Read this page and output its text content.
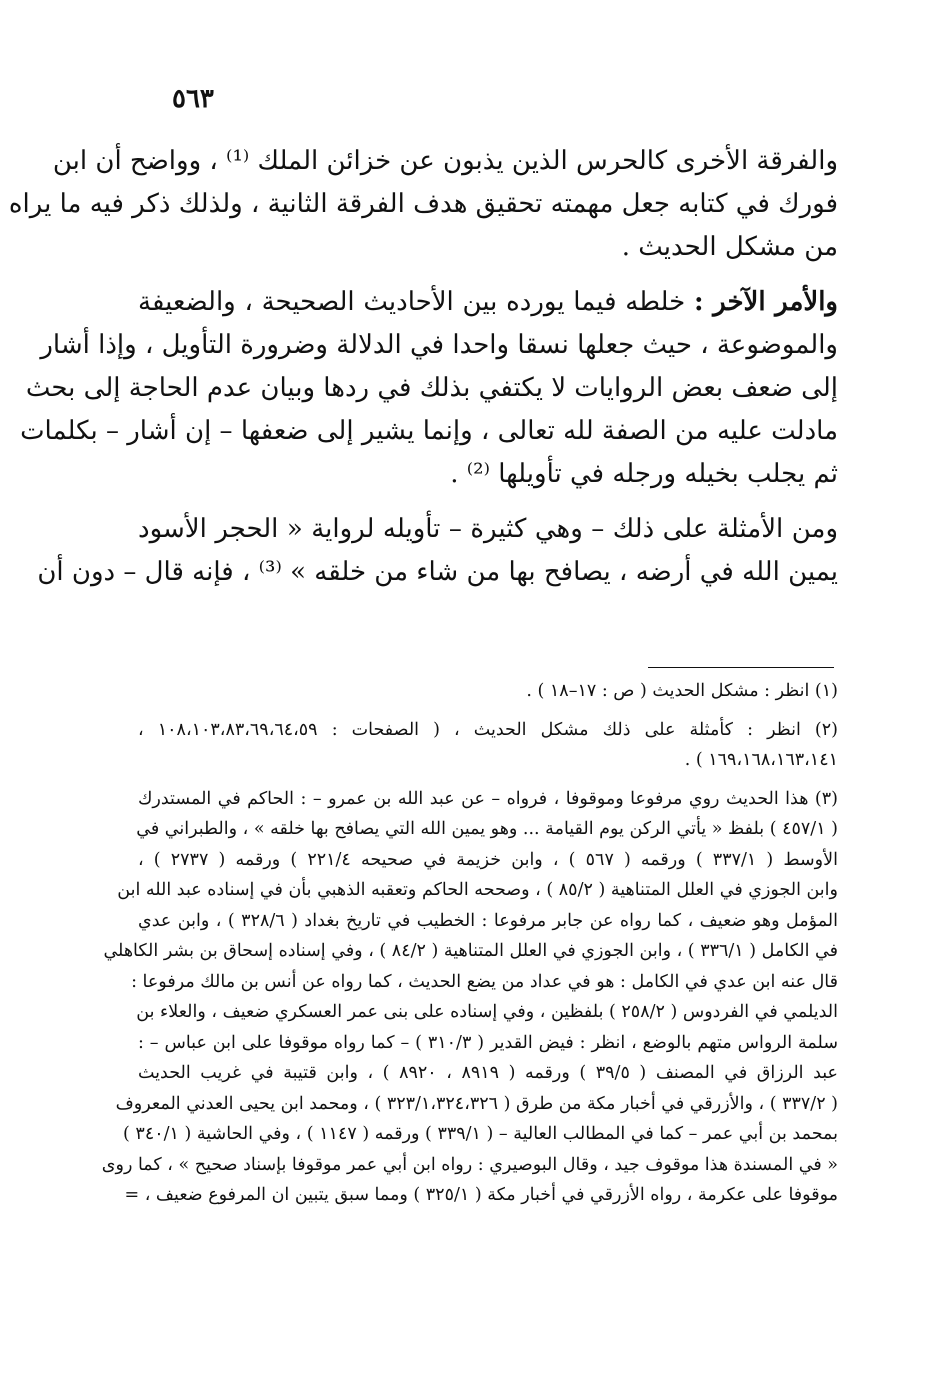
٥٦٣

والفرقة الأخرى كالحرس الذين يذبون عن خزائن الملك ⁽¹⁾ ، وواضح أن ابن
فورك في كتابه جعل مهمته تحقيق هدف الفرقة الثانية ، ولذلك ذكر فيه ما يراه
من مشكل الحديث .

والأمر الآخر : خلطه فيما يورده بين الأحاديث الصحيحة ، والضعيفة
والموضوعة ، حيث جعلها نسقا واحدا في الدلالة وضرورة التأويل ، وإذا أشار
إلى ضعف بعض الروايات لا يكتفي بذلك في ردها وبيان عدم الحاجة إلى بحث
مادلت عليه من الصفة لله تعالى ، وإنما يشير إلى ضعفها – إن أشار – بكلمات
ثم يجلب بخيله ورجله في تأويلها ⁽²⁾ .

ومن الأمثلة على ذلك – وهي كثيرة – تأويله لرواية « الحجر الأسود
يمين الله في أرضه ، يصافح بها من شاء من خلقه » ⁽³⁾ ، فإنه قال – دون أن

(١) انظر : مشكل الحديث ( ص : ١٧–١٨ ) .

(٢) انظر : كأمثلة على ذلك مشكل الحديث ، ( الصفحات : ١٠٨،١٠٣،٨٣،٦٩،٦٤،٥٩ ،
١٦٩،١٦٨،١٦٣،١٤١ ) .

(٣) هذا الحديث روي مرفوعا وموقوفا ، فرواه – عن عبد الله بن عمرو – : الحاكم في المستدرك
( ٤٥٧/١ ) بلفظ « يأتي الركن يوم القيامة ... وهو يمين الله التي يصافح بها خلقه » ، والطبراني في
الأوسط ( ٣٣٧/١ ) ورقمه ( ٥٦٧ ) ، وابن خزيمة في صحيحه ٢٢١/٤ ) ورقمه ( ٢٧٣٧ ) ،
وابن الجوزي في العلل المتناهية ( ٨٥/٢ ) ، وصححه الحاكم وتعقبه الذهبي بأن في إسناده عبد الله ابن
المؤمل وهو ضعيف ، كما رواه عن جابر مرفوعا : الخطيب في تاريخ بغداد ( ٣٢٨/٦ ) ، وابن عدي
في الكامل ( ٣٣٦/١ ) ، وابن الجوزي في العلل المتناهية ( ٨٤/٢ ) ، وفي إسناده إسحاق بن بشر الكاهلي
قال عنه ابن عدي في الكامل : هو في عداد من يضع الحديث ، كما رواه عن أنس بن مالك مرفوعا :
الديلمي في الفردوس ( ٢٥٨/٢ ) بلفظين ، وفي إسناده على بنى عمر العسكري ضعيف ، والعلاء بن
سلمة الرواس متهم بالوضع ، انظر : فيض القدير ( ٣١٠/٣ ) – كما رواه موقوفا على ابن عباس – :
عبد الرزاق في المصنف ( ٣٩/٥ ) ورقمه ( ٨٩١٩ ، ٨٩٢٠ ) ، وابن قتيبة في غريب الحديث
( ٣٣٧/٢ ) ، والأزرقي في أخبار مكة من طرق ( ٣٢٣/١،٣٢٤،٣٢٦ ) ، ومحمد ابن يحيى العدني المعروف
بمحمد بن أبي عمر – كما في المطالب العالية – ( ٣٣٩/١ ) ورقمه ( ١١٤٧ ) ، وفي الحاشية ( ٣٤٠/١ )
« في المسندة هذا موقوف جيد ، وقال البوصيري : رواه ابن أبي عمر موقوفا بإسناد صحيح » ، كما روى
موقوفا على عكرمة ، رواه الأزرقي في أخبار مكة ( ٣٢٥/١ ) ومما سبق يتبين ان المرفوع ضعيف ، =
